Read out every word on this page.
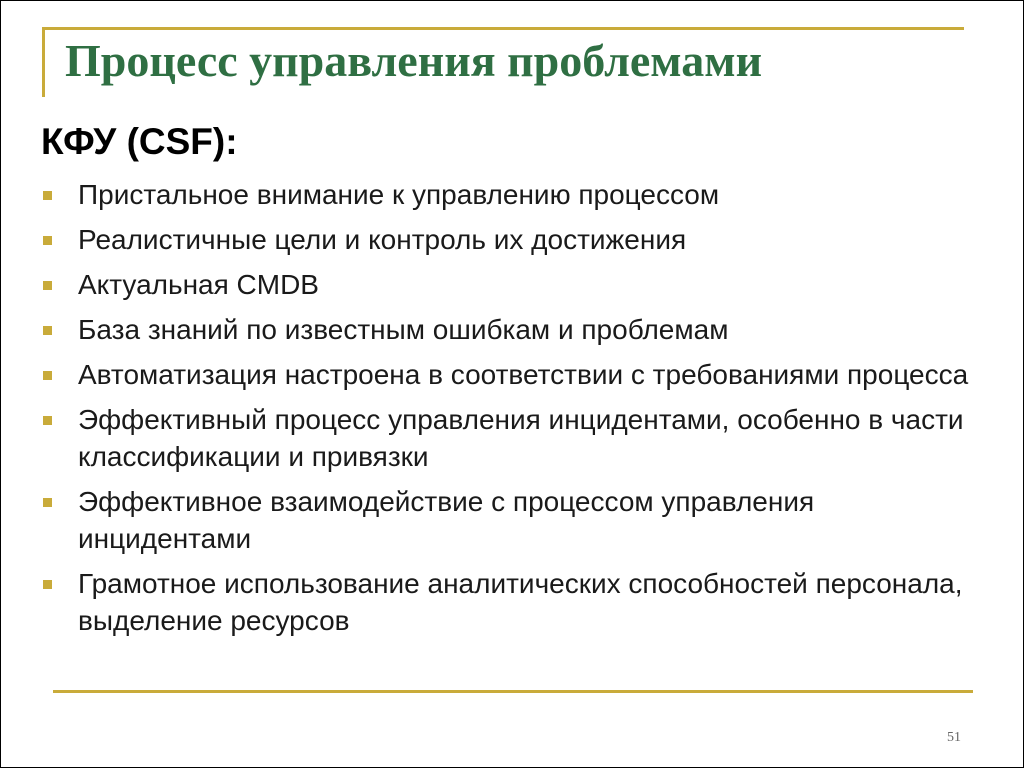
Процесс управления проблемами
КФУ (CSF):
Пристальное внимание к управлению процессом
Реалистичные цели и контроль их достижения
Актуальная CMDB
База знаний по известным ошибкам и проблемам
Автоматизация настроена в соответствии с требованиями процесса
Эффективный процесс управления инцидентами, особенно в части классификации и привязки
Эффективное взаимодействие с процессом управления инцидентами
Грамотное использование аналитических способностей персонала, выделение ресурсов

51
